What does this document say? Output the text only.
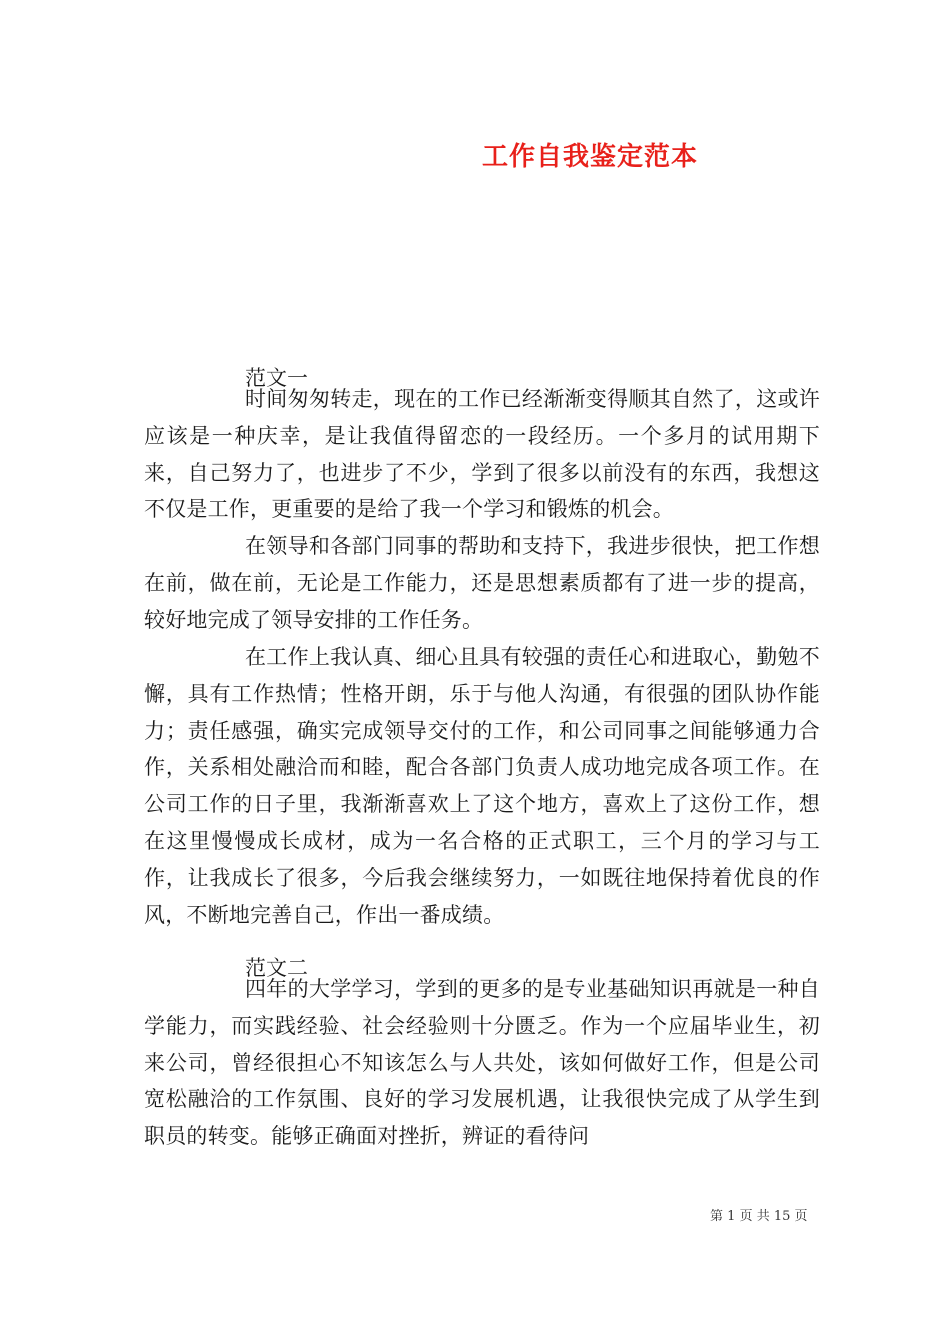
工作自我鉴定范本
范文一

时间匆匆转走，现在的工作已经渐渐变得顺其自然了，这或许应该是一种庆幸，是让我值得留恋的一段经历。一个多月的试用期下来，自己努力了，也进步了不少，学到了很多以前没有的东西，我想这不仅是工作，更重要的是给了我一个学习和锻炼的机会。

在领导和各部门同事的帮助和支持下，我进步很快，把工作想在前，做在前，无论是工作能力，还是思想素质都有了进一步的提高，较好地完成了领导安排的工作任务。

在工作上我认真、细心且具有较强的责任心和进取心，勤勉不懈，具有工作热情；性格开朗，乐于与他人沟通，有很强的团队协作能力；责任感强，确实完成领导交付的工作，和公司同事之间能够通力合作，关系相处融洽而和睦，配合各部门负责人成功地完成各项工作。在公司工作的日子里，我渐渐喜欢上了这个地方，喜欢上了这份工作，想在这里慢慢成长成材，成为一名合格的正式职工，三个月的学习与工作，让我成长了很多，今后我会继续努力，一如既往地保持着优良的作风，不断地完善自己，作出一番成绩。

范文二

四年的大学学习，学到的更多的是专业基础知识再就是一种自学能力，而实践经验、社会经验则十分匮乏。作为一个应届毕业生，初来公司，曾经很担心不知该怎么与人共处，该如何做好工作，但是公司宽松融洽的工作氛围、良好的学习发展机遇，让我很快完成了从学生到职员的转变。能够正确面对挫折，辨证的看待问

第 1 页 共 15 页
